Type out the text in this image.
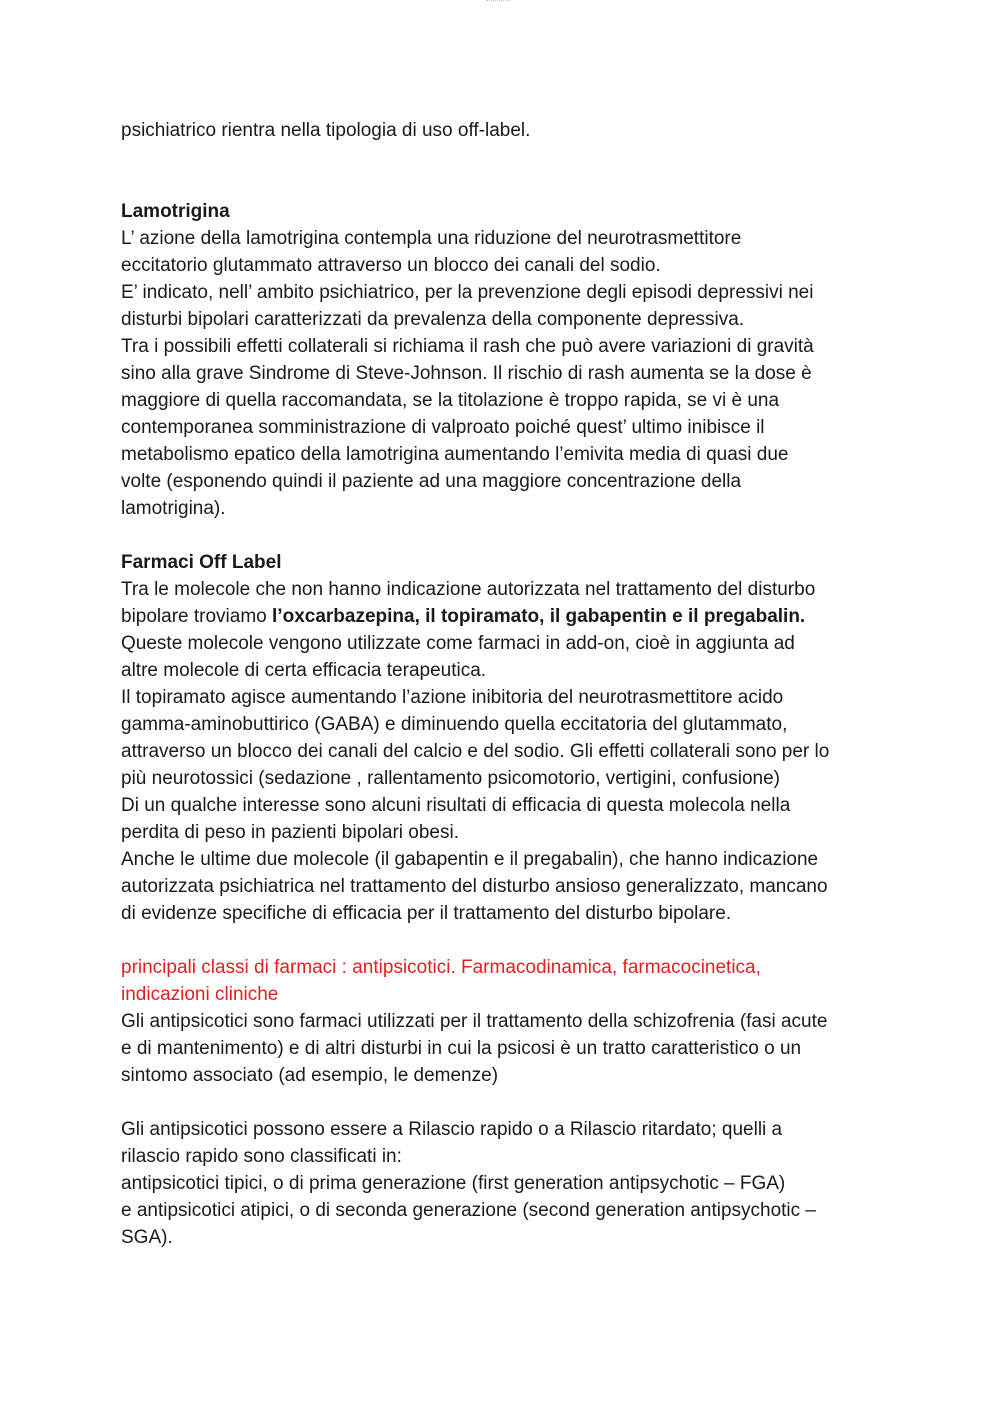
psichiatrico rientra nella tipologia di uso off-label.
Lamotrigina
L’ azione della lamotrigina contempla una riduzione del neurotrasmettitore
eccitatorio glutammato attraverso un blocco dei canali del sodio.
E’ indicato, nell’ ambito psichiatrico, per la prevenzione degli episodi depressivi nei
disturbi bipolari caratterizzati da prevalenza della componente depressiva.
Tra i possibili effetti collaterali si richiama il rash che può avere variazioni di gravità
sino alla grave Sindrome di Steve-Johnson. Il rischio di rash aumenta se la dose è
maggiore di quella raccomandata, se la titolazione è troppo rapida, se vi è una
contemporanea somministrazione di valproato poiché quest’ ultimo inibisce il
metabolismo epatico della lamotrigina aumentando l’emivita media di quasi due
volte (esponendo quindi il paziente ad una maggiore concentrazione della
lamotrigina).
Farmaci Off Label
Tra le molecole che non hanno indicazione autorizzata nel trattamento del disturbo
bipolare troviamo l’oxcarbazepina, il topiramato, il gabapentin e il pregabalin.
Queste molecole vengono utilizzate come farmaci in add-on, cioè in aggiunta ad
altre molecole di certa efficacia terapeutica.
Il topiramato agisce aumentando l’azione inibitoria del neurotrasmettitore acido
gamma-aminobuttirico (GABA) e diminuendo quella eccitatoria del glutammato,
attraverso un blocco dei canali del calcio e del sodio. Gli effetti collaterali sono per lo
più neurotossici (sedazione , rallentamento psicomotorio, vertigini, confusione)
Di un qualche interesse sono alcuni risultati di efficacia di questa molecola nella
perdita di peso in pazienti bipolari obesi.
Anche le ultime due molecole (il gabapentin e il pregabalin), che hanno indicazione
autorizzata psichiatrica nel trattamento del disturbo ansioso generalizzato, mancano
di evidenze specifiche di efficacia per il trattamento del disturbo bipolare.
principali classi di farmaci : antipsicotici. Farmacodinamica, farmacocinetica,
indicazioni cliniche
Gli antipsicotici sono farmaci utilizzati per il trattamento della schizofrenia (fasi acute
e di mantenimento) e di altri disturbi in cui la psicosi è un tratto caratteristico o un
sintomo associato (ad esempio, le demenze)
Gli antipsicotici possono essere a Rilascio rapido o a Rilascio ritardato; quelli a
rilascio rapido sono classificati in:
antipsicotici tipici, o di prima generazione (first generation antipsychotic – FGA)
e antipsicotici atipici, o di seconda generazione (second generation antipsychotic –
SGA).
